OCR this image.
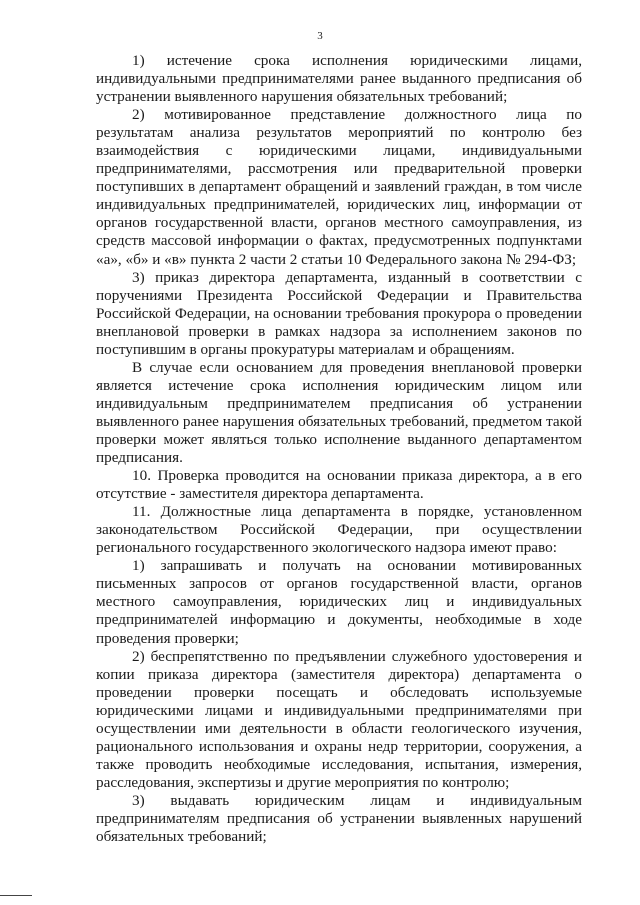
3

1) истечение срока исполнения юридическими лицами, индивидуальными предпринимателями ранее выданного предписания об устранении выявленного нарушения обязательных требований;

2) мотивированное представление должностного лица по результатам анализа результатов мероприятий по контролю без взаимодействия с юридическими лицами, индивидуальными предпринимателями, рассмотрения или предварительной проверки поступивших в департамент обращений и заявлений граждан, в том числе индивидуальных предпринимателей, юридических лиц, информации от органов государственной власти, органов местного самоуправления, из средств массовой информации о фактах, предусмотренных подпунктами «а», «б» и «в» пункта 2 части 2 статьи 10 Федерального закона № 294-ФЗ;

3) приказ директора департамента, изданный в соответствии с поручениями Президента Российской Федерации и Правительства Российской Федерации, на основании требования прокурора о проведении внеплановой проверки в рамках надзора за исполнением законов по поступившим в органы прокуратуры материалам и обращениям.

В случае если основанием для проведения внеплановой проверки является истечение срока исполнения юридическим лицом или индивидуальным предпринимателем предписания об устранении выявленного ранее нарушения обязательных требований, предметом такой проверки может являться только исполнение выданного департаментом предписания.

10. Проверка проводится на основании приказа директора, а в его отсутствие - заместителя директора департамента.

11. Должностные лица департамента в порядке, установленном законодательством Российской Федерации, при осуществлении регионального государственного экологического надзора имеют право:

1) запрашивать и получать на основании мотивированных письменных запросов от органов государственной власти, органов местного самоуправления, юридических лиц и индивидуальных предпринимателей информацию и документы, необходимые в ходе проведения проверки;

2) беспрепятственно по предъявлении служебного удостоверения и копии приказа директора (заместителя директора) департамента о проведении проверки посещать и обследовать используемые юридическими лицами и индивидуальными предпринимателями при осуществлении ими деятельности в области геологического изучения, рационального использования и охраны недр территории, сооружения, а также проводить необходимые исследования, испытания, измерения, расследования, экспертизы и другие мероприятия по контролю;

3) выдавать юридическим лицам и индивидуальным предпринимателям предписания об устранении выявленных нарушений обязательных требований;
